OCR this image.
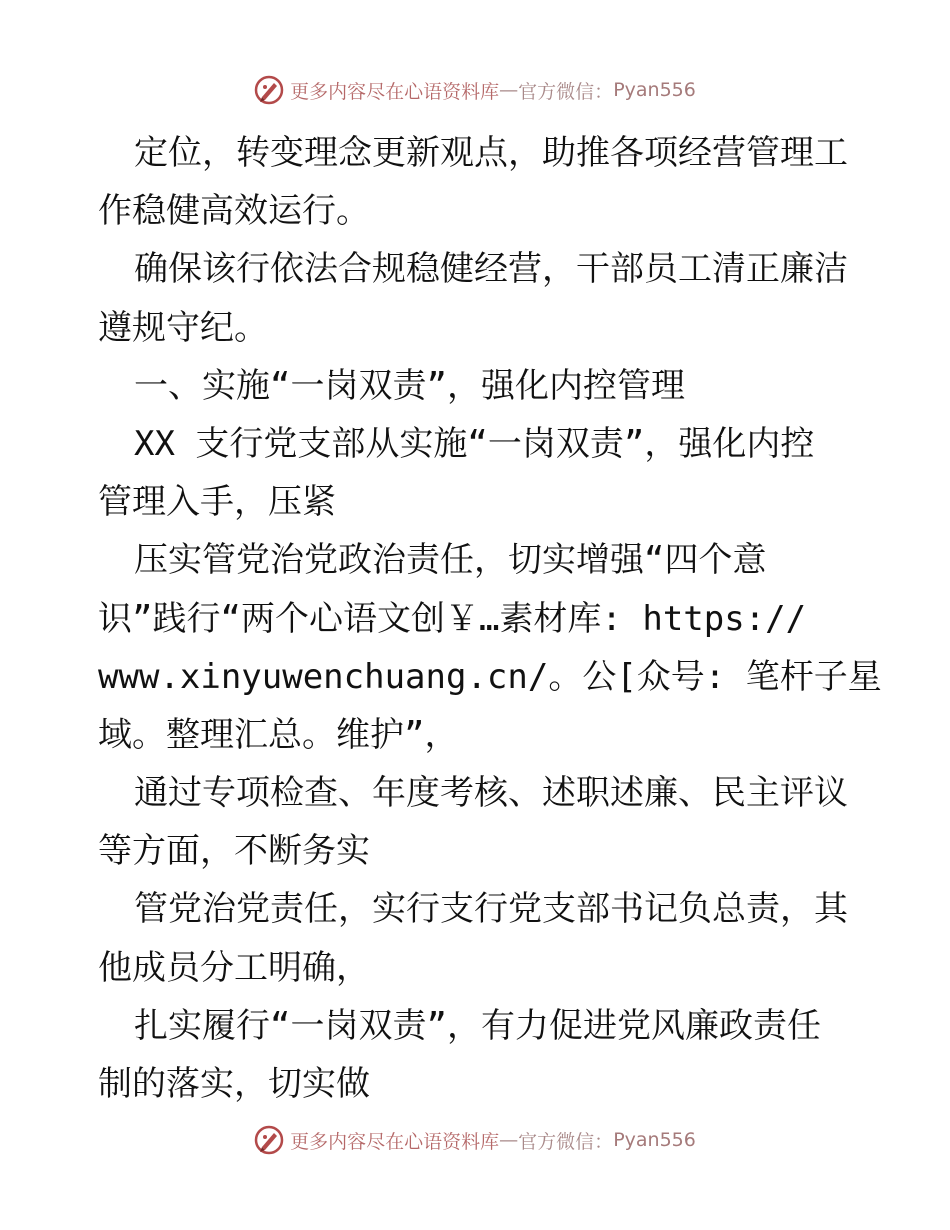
更多内容尽在心语资料库 — 官方微信： Pyan556
定位，转变理念更新观点，助推各项经营管理工
作稳健高效运行。
确保该行依法合规稳健经营，干部员工清正廉洁
遵规守纪。
一、实施“一岗双责”，强化内控管理
XX 支行党支部从实施“一岗双责”，强化内控
管理入手，压紧
压实管党治党政治责任，切实增强“四个意
识”践行“两个心语文创￥…素材库: https://
www.xinyuwenchuang.cn/。公[众号: 笔杆子星
域。整理汇总。维护”，
通过专项检查、年度考核、述职述廉、民主评议
等方面，不断务实
管党治党责任，实行支行党支部书记负总责，其
他成员分工明确，
扎实履行“一岗双责”，有力促进党风廉政责任
制的落实，切实做
更多内容尽在心语资料库 — 官方微信： Pyan556
